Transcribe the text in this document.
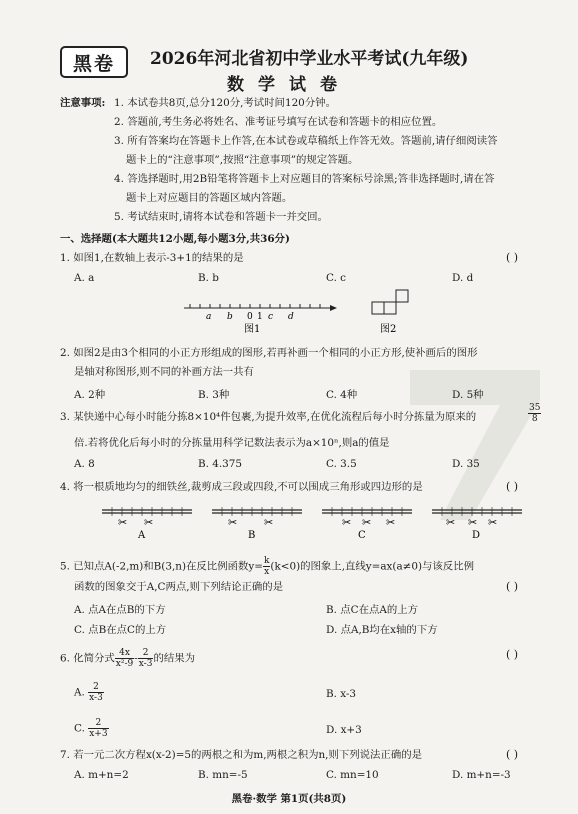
黑卷	2026年河北省初中学业水平考试(九年级)
数学试卷
注意事项: 1. 本试卷共8页,总分120分,考试时间120分钟。
2. 答题前,考生务必将姓名、准考证号填写在试卷和答题卡的相应位置。
3. 所有答案均在答题卡上作答,在本试卷或草稿纸上作答无效。答题前,请仔细阅读答
题卡上的“注意事项”,按照“注意事项”的规定答题。
4. 答选择题时,用2B铅笔将答题卡上对应题目的答案标号涂黑;答非选择题时,请在答
题卡上对应题目的答题区域内答题。
5. 考试结束时,请将本试卷和答题卡一并交回。
一、选择题(本大题共12小题,每小题3分,共36分)
1. 如图1,在数轴上表示-3+1的结果的是	( )
A. a	B. b	C. c	D. d
a b 0 1 c d
图1	图2
2. 如图2是由3个相同的小正方形组成的图形,若再补画一个相同的小正方形,使补画后的图形
是轴对称图形,则不同的补画方法一共有
A. 2种	B. 3种	C. 4种	D. 5种
3. 某快递中心每小时能分拣8×10⁴件包裹,为提升效率,在优化流程后每小时分拣量为原来的	$\frac{35}{8}$
倍.若将优化后每小时的分拣量用科学记数法表示为a×10ⁿ,则a的值是
A. 8	B. 4.375	C. 3.5	D. 35
4. 将一根质地均匀的细铁丝,裁剪成三段或四段,不可以围成三角形或四边形的是	( )
✂ ✂	✂ ✂	✂ ✂ ✂	✂ ✂ ✂
A	B	C	D
5. 已知点A(-2,m)和B(3,n)在反比例函数$y= \frac{k}{x} (k<0)$的图象上,直线y=ax(a≠0)与该反比例
函数的图象交于A,C两点,则下列结论正确的是	( )
A. 点A在点B的下方	B. 点C在点A的上方
C. 点B在点C的上方	D. 点A,B均在x轴的下方
6. 化简分式 $\frac{4x}{\text{x²-9}} - \frac{2}{x-3}$ 的结果为	( )
A. $\frac{2}{x-3}$	B. x-3
C. $\frac{2}{x+3}$	D. x+3
7. 若一元二次方程x(x-2)=5的两根之和为m,两根之积为n,则下列说法正确的是	( )
A. m+n=2	B. mn=-5	C. mn=10	D. m+n=-3
黑卷·数学 第1页(共8页)
